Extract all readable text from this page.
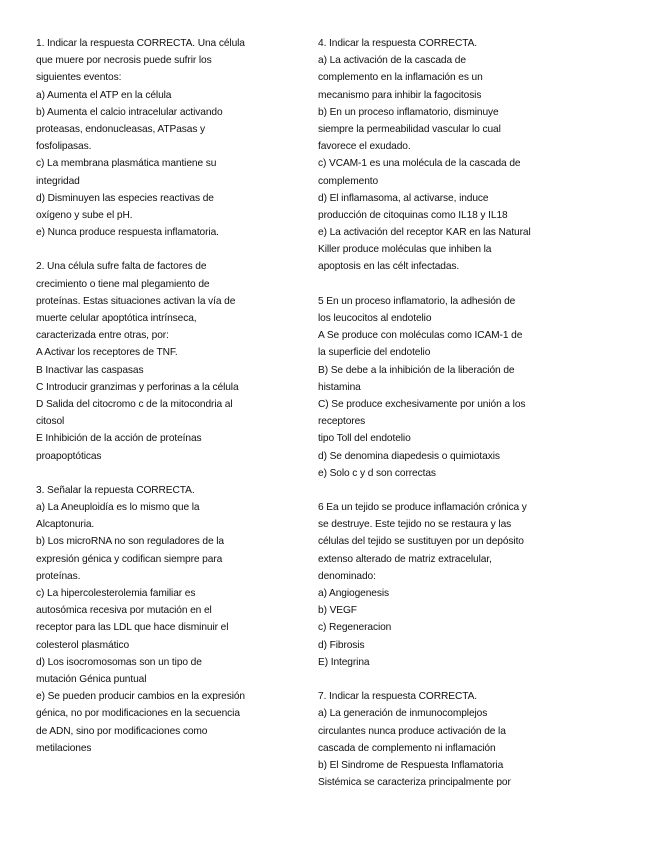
1. Indicar la respuesta CORRECTA. Una célula
que muere por necrosis puede sufrir los
siguientes eventos:
a) Aumenta el ATP en la célula
b) Aumenta el calcio intracelular activando
proteasas, endonucleasas, ATPasas y
fosfolipasas.
c) La membrana plasmática mantiene su
integridad
d) Disminuyen las especies reactivas de
oxígeno y sube el pH.
e) Nunca produce respuesta inflamatoria.
2. Una célula sufre falta de factores de
crecimiento o tiene mal plegamiento de
proteínas. Estas situaciones activan la vía de
muerte celular apoptótica intrínseca,
caracterizada entre otras, por:
A Activar los receptores de TNF.
B Inactivar las caspasas
C Introducir granzimas y perforinas a la célula
D Salida del citocromo c de la mitocondria al
citosol
E Inhibición de la acción de proteínas
proapoptóticas
3. Señalar la repuesta CORRECTA.
a) La Aneuploidía es lo mismo que la
Alcaptonuria.
b) Los microRNA no son reguladores de la
expresión génica y codifican siempre para
proteínas.
c) La hipercolesterolemia familiar es
autosómica recesiva por mutación en el
receptor para las LDL que hace disminuir el
colesterol plasmático
d) Los isocromosomas son un tipo de
mutación Génica puntual
e) Se pueden producir cambios en la expresión
génica, no por modificaciones en la secuencia
de ADN, sino por modificaciones como
metilaciones
4. Indicar la respuesta CORRECTA.
a) La activación de la cascada de
complemento en la inflamación es un
mecanismo para inhibir la fagocitosis
b) En un proceso inflamatorio, disminuye
siempre la permeabilidad vascular lo cual
favorece el exudado.
c) VCAM-1 es una molécula de la cascada de
complemento
d) El inflamasoma, al activarse, induce
producción de citoquinas como IL18 y IL18
e) La activación del receptor KAR en las Natural
Killer produce moléculas que inhiben la
apoptosis en las célt infectadas.
5 En un proceso inflamatorio, la adhesión de
los leucocitos al endotelio
A Se produce con moléculas como ICAM-1 de
la superficie del endotelio
B) Se debe a la inhibición de la liberación de
histamina
C) Se produce exchesivamente por unión a los
receptores
tipo Toll del endotelio
d) Se denomina diapedesis o quimiotaxis
e) Solo c y d son correctas
6 Ea un tejido se produce inflamación crónica y
se destruye. Este tejido no se restaura y las
células del tejido se sustituyen por un depósito
extenso alterado de matriz extracelular,
denominado:
a) Angiogenesis
b) VEGF
c) Regeneracion
d) Fibrosis
E) Integrina
7. Indicar la respuesta CORRECTA.
a) La generación de inmunocomplejos
circulantes nunca produce activación de la
cascada de complemento ni inflamación
b) El Sindrome de Respuesta Inflamatoria
Sistémica se caracteriza principalmente por
